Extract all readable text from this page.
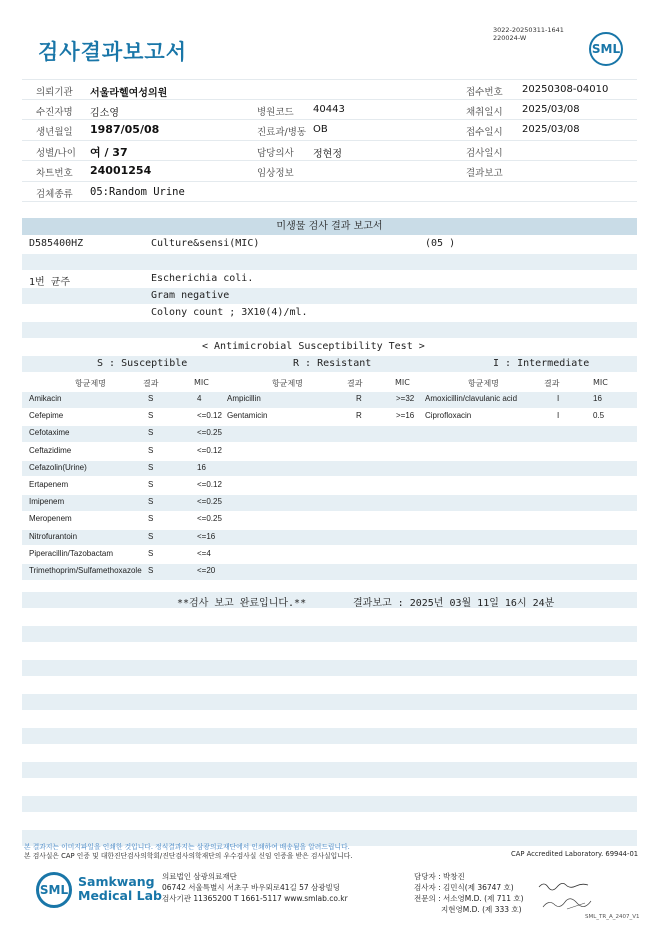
검사결과보고서
3022-20250311-1641
220024-W
SML
의뢰기관 서울라헬여성의원	접수번호 20250308-04010
수진자명 김소영	병원코드 40443	채취일시 2025/03/08
생년월일 1987/05/08	진료과/병동 OB	접수일시 2025/03/08
성별/나이 여 / 37	담당의사 정현정	검사일시
차트번호 24001254	임상정보	결과보고
검체종류 05:Random Urine
미생물 검사 결과 보고서
D585400HZ	Culture&sensi(MIC)	(05 )
1번 균주	Escherichia coli.
Gram negative
Colony count ; 3X10(4)/ml.
< Antimicrobial Susceptibility Test >
S : Susceptible	R : Resistant	I : Intermediate
항균제명	결과	MIC	항균제명	결과	MIC	항균제명	결과	MIC
Amikacin	S	4	Ampicillin	R	>=32 Amoxicillin/clavulanic acid	I	16
Cefepime	S	<=0.12 Gentamicin	R	>=16 Ciprofloxacin	I	0.5
Cefotaxime	S	<=0.25
Ceftazidime	S	<=0.12
Cefazolin(Urine)	S	16
Ertapenem	S	<=0.12
Imipenem	S	<=0.25
Meropenem	S	<=0.25
Nitrofurantoin	S	<=16
Piperacillin/Tazobactam	S	<=4
Trimethoprim/Sulfamethoxazole S	<=20
**검사 보고 완료입니다.**	결과보고 : 2025년 03월 11일 16시 24분
본 결과지는 이미지파일을 인쇄한 것입니다. 정식결과지는 삼광의료재단에서 인쇄하여 배송됨을 알려드립니다.
본 검사실은 CAP 인증 및 대한진단검사의학회/진단검사의학재단의 우수검사실 신임 인증을 받은 검사실입니다.	CAP Accredited Laboratory. 69944-01
SML
Samkwang
Medical Lab
의료법인 삼광의료재단
06742 서울특별시 서초구 바우뫼로41길 57 삼광빌딩
검사기관 11365200 T 1661-5117 www.smlab.co.kr
담당자 : 박창진
검사자 : 김민식(제 36747 호)
전문의 : 서소영M.D. (제 711 호)
지현영M.D. (제 333 호)
SML_TR_A_2407_V1
